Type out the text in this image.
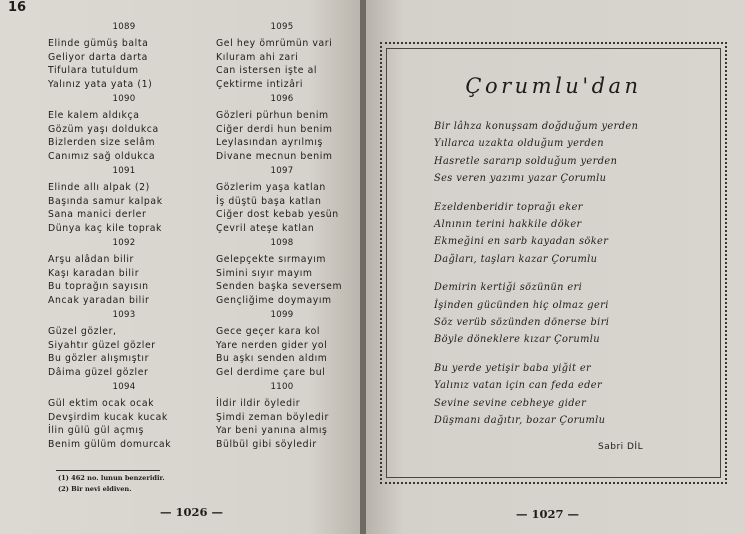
16
1089
Elinde gümüş balta
Geliyor darta darta
Tifulara tutuldum
Yalınız yata yata (1)
1090
Ele kalem aldıkça
Gözüm yaşı doldukca
Bizlerden size selâm
Canımız sağ oldukca
1091
Elinde allı alpak (2)
Başında samur kalpak
Sana manici derler
Dünya kaç kile toprak
1092
Arşu alâdan bilir
Kaşı karadan bilir
Bu toprağın sayısın
Ancak yaradan bilir
1093
Güzel gözler,
Siyahtır güzel gözler
Bu gözler alışmıştır
Dâima güzel gözler
1094
Gül ektim ocak ocak
Devşirdim kucak kucak
İlin gülü gül açmış
Benim gülüm domurcak
1095
Gel hey ömrümün vari
Kıluram ahi zari
Can istersen işte al
Çektirme intizâri
1096
Gözleri pürhun benim
Ciğer derdi hun benim
Leylasından ayrılmış
Divane mecnun benim
1097
Gözlerim yaşa katlan
İş düştü başa katlan
Ciğer dost kebab yesün
Çevril ateşe katlan
1098
Gelepçekte sırmayım
Simini sıyır mayım
Senden başka seversem
Gençliğime doymayım
1099
Gece geçer kara kol
Yare nerden gider yol
Bu aşkı senden aldım
Gel derdime çare bul
1100
İldir ildir öyledir
Şimdi zeman böyledir
Yar beni yanına almış
Bülbül gibi söyledir
(1) 462 no. lunun benzeridir.
(2) Bir nevi eldiven.
— 1026 —
Çorumlu'dan
Bir lâhza konuşsam doğduğum yerden
Yıllarca uzakta olduğum yerden
Hasretle sararıp solduğum yerden
Ses veren yazımı yazar Çorumlu
Ezeldenberidir toprağı eker
Alnının terini hakkile döker
Ekmeğini en sarb kayadan söker
Dağları, taşları kazar Çorumlu
Demirin kertiği sözünün eri
İşinden gücünden hiç olmaz geri
Söz verüb sözünden dönerse biri
Böyle döneklere kızar Çorumlu
Bu yerde yetişir baba yiğit er
Yalınız vatan için can feda eder
Sevine sevine cebheye gider
Düşmanı dağıtır, bozar Çorumlu
Sabri DİL
— 1027 —
